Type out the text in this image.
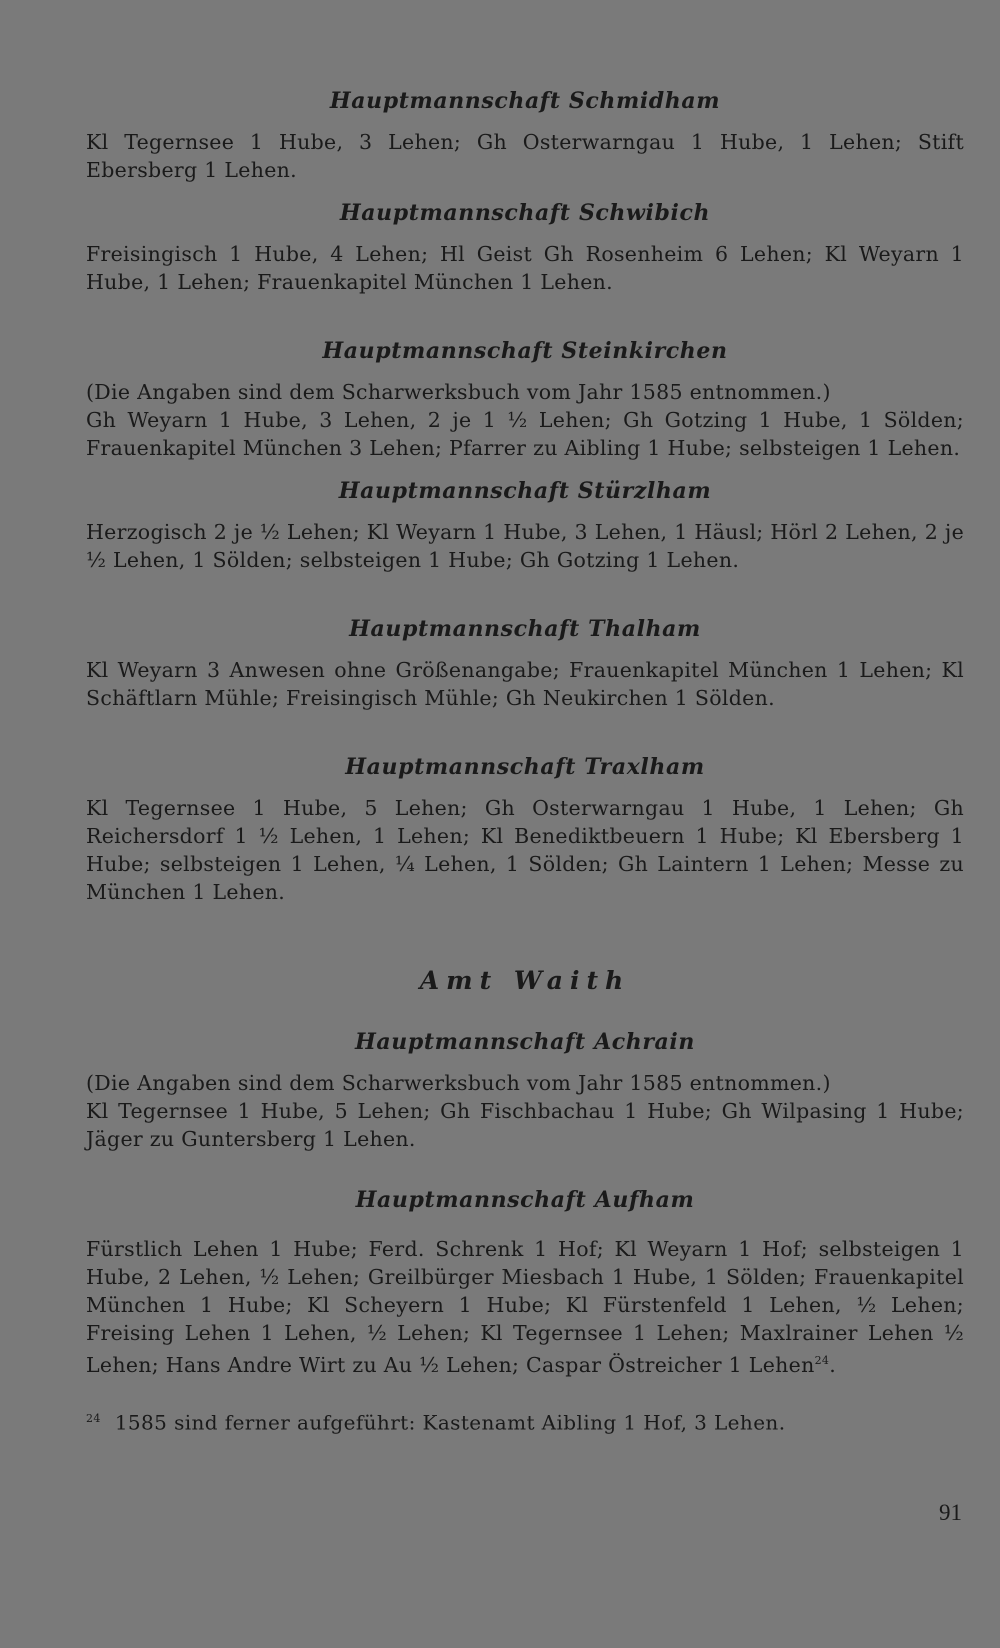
Hauptmannschaft Schmidham

Kl Tegernsee 1 Hube, 3 Lehen; Gh Osterwarngau 1 Hube, 1 Lehen; Stift Ebersberg 1 Lehen.

Hauptmannschaft Schwibich

Freisingisch 1 Hube, 4 Lehen; Hl Geist Gh Rosenheim 6 Lehen; Kl Weyarn 1 Hube, 1 Lehen; Frauenkapitel München 1 Lehen.

Hauptmannschaft Steinkirchen

(Die Angaben sind dem Scharwerksbuch vom Jahr 1585 entnommen.)

Gh Weyarn 1 Hube, 3 Lehen, 2 je 1 ½ Lehen; Gh Gotzing 1 Hube, 1 Sölden; Frauenkapitel München 3 Lehen; Pfarrer zu Aibling 1 Hube; selbsteigen 1 Lehen.

Hauptmannschaft Stürzlham

Herzogisch 2 je ½ Lehen; Kl Weyarn 1 Hube, 3 Lehen, 1 Häusl; Hörl 2 Lehen, 2 je ½ Lehen, 1 Sölden; selbsteigen 1 Hube; Gh Gotzing 1 Lehen.

Hauptmannschaft Thalham

Kl Weyarn 3 Anwesen ohne Größenangabe; Frauenkapitel München 1 Lehen; Kl Schäftlarn Mühle; Freisingisch Mühle; Gh Neukirchen 1 Sölden.

Hauptmannschaft Traxlham

Kl Tegernsee 1 Hube, 5 Lehen; Gh Osterwarngau 1 Hube, 1 Lehen; Gh Reichersdorf 1 ½ Lehen, 1 Lehen; Kl Benediktbeuern 1 Hube; Kl Ebersberg 1 Hube; selbsteigen 1 Lehen, ¼ Lehen, 1 Sölden; Gh Laintern 1 Lehen; Messe zu München 1 Lehen.

Amt Waith
Hauptmannschaft Achrain

(Die Angaben sind dem Scharwerksbuch vom Jahr 1585 entnommen.)

Kl Tegernsee 1 Hube, 5 Lehen; Gh Fischbachau 1 Hube; Gh Wilpasing 1 Hube; Jäger zu Guntersberg 1 Lehen.

Hauptmannschaft Aufham

Fürstlich Lehen 1 Hube; Ferd. Schrenk 1 Hof; Kl Weyarn 1 Hof; selbsteigen 1 Hube, 2 Lehen, ½ Lehen; Greilbürger Miesbach 1 Hube, 1 Sölden; Frauenkapitel München 1 Hube; Kl Scheyern 1 Hube; Kl Fürstenfeld 1 Lehen, ½ Lehen; Freising Lehen 1 Lehen, ½ Lehen; Kl Tegernsee 1 Lehen; Maxlrainer Lehen ½ Lehen; Hans Andre Wirt zu Au ½ Lehen; Caspar Östreicher 1 Lehen$^{24}$.

$^{24}$ 1585 sind ferner aufgeführt: Kastenamt Aibling 1 Hof, 3 Lehen.

91
